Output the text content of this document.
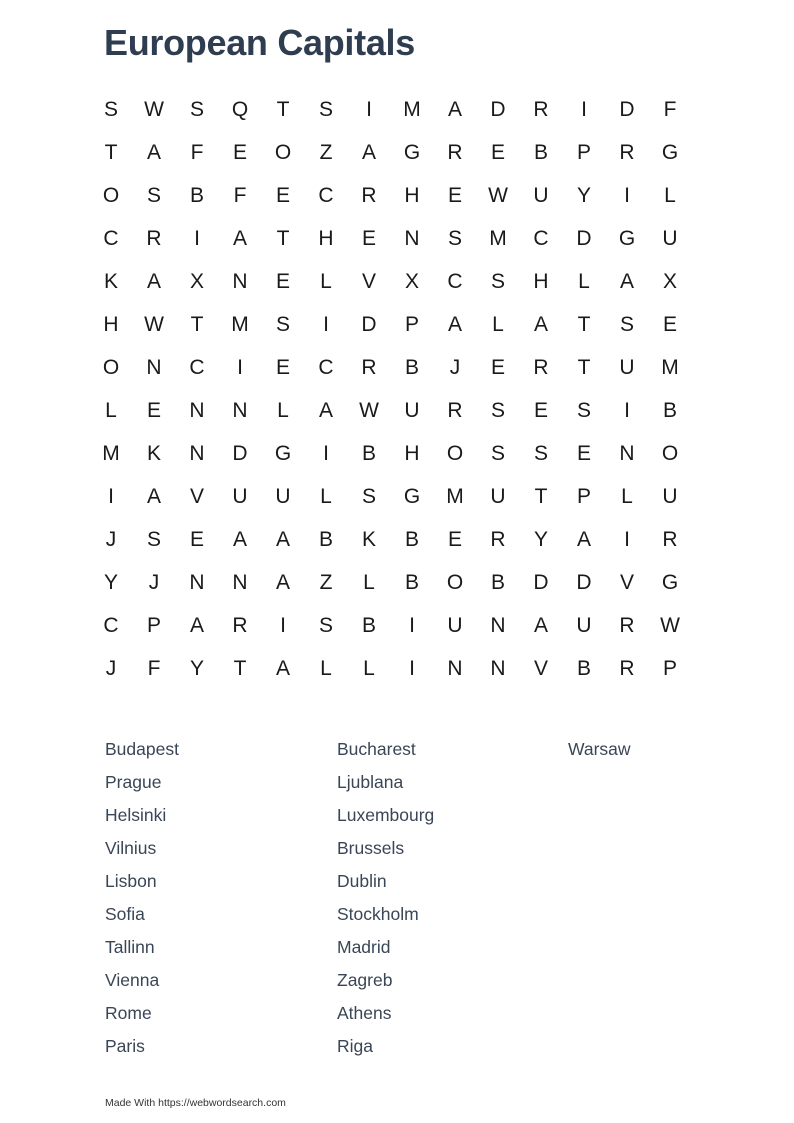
European Capitals
S	W	S	Q	T	S	I	M	A	D	R	I	D	F
T	A	F	E	O	Z	A	G	R	E	B	P	R	G
O	S	B	F	E	C	R	H	E	W	U	Y	I	L
C	R	I	A	T	H	E	N	S	M	C	D	G	U
K	A	X	N	E	L	V	X	C	S	H	L	A	X
H	W	T	M	S	I	D	P	A	L	A	T	S	E
O	N	C	I	E	C	R	B	J	E	R	T	U	M
L	E	N	N	L	A	W	U	R	S	E	S	I	B
M	K	N	D	G	I	B	H	O	S	S	E	N	O
I	A	V	U	U	L	S	G	M	U	T	P	L	U
J	S	E	A	A	B	K	B	E	R	Y	A	I	R
Y	J	N	N	A	Z	L	B	O	B	D	D	V	G
C	P	A	R	I	S	B	I	U	N	A	U	R	W
J	F	Y	T	A	L	L	I	N	N	V	B	R	P
Budapest
Prague
Helsinki
Vilnius
Lisbon
Sofia
Tallinn
Vienna
Rome
Paris
Bucharest
Ljublana
Luxembourg
Brussels
Dublin
Stockholm
Madrid
Zagreb
Athens
Riga
Warsaw
Made With https://webwordsearch.com
